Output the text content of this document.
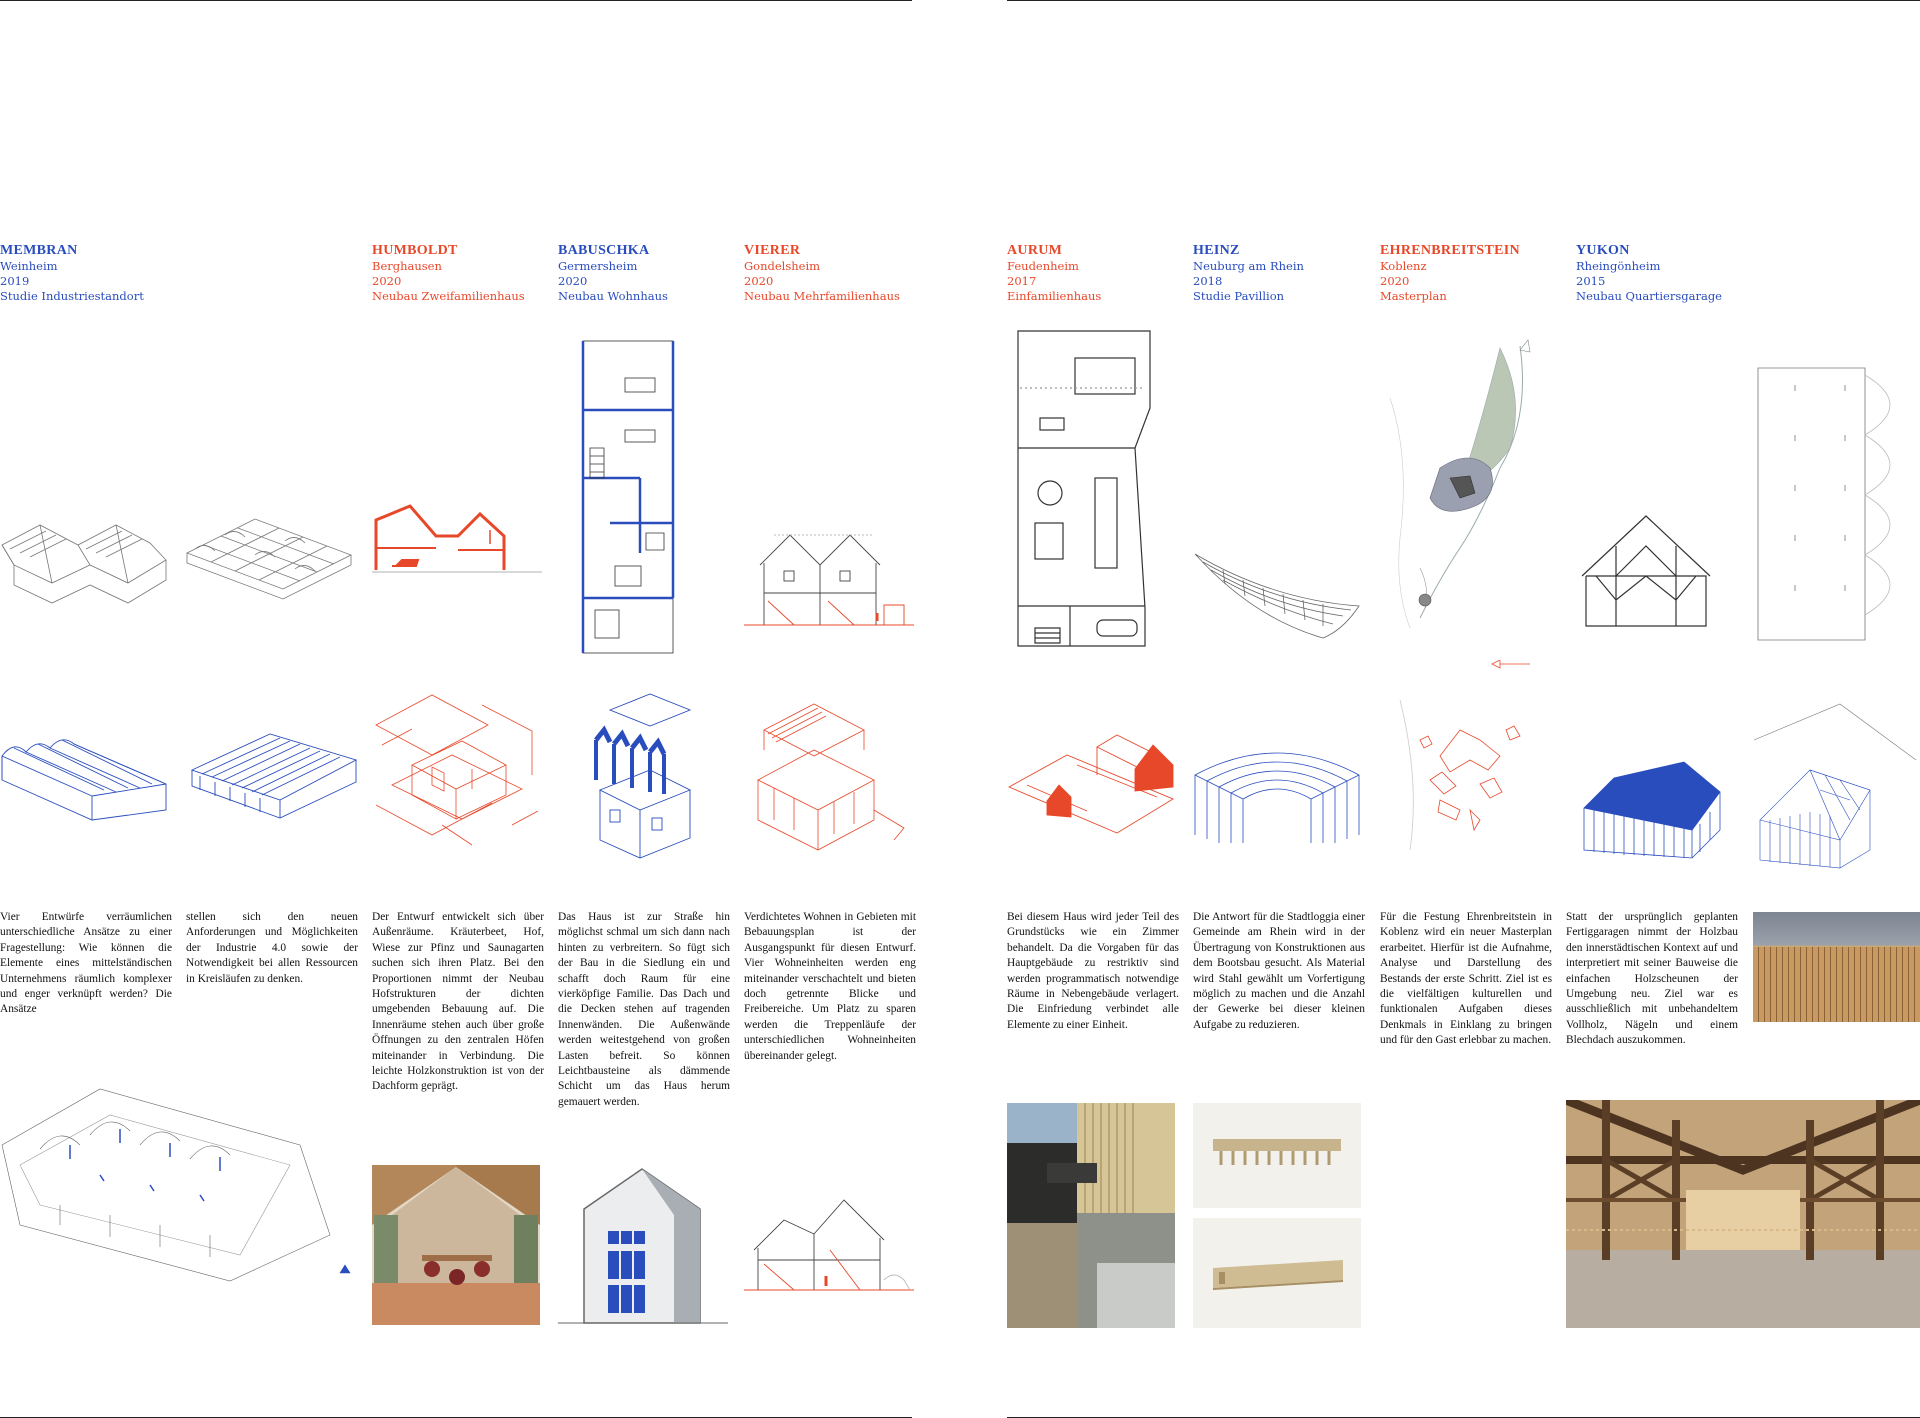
MEMBRAN
Weinheim
2019
Studie Industriestandort
HUMBOLDT
Berghausen
2020
Neubau Zweifamilienhaus
BABUSCHKA
Germersheim
2020
Neubau Wohnhaus
VIERER
Gondelsheim
2020
Neubau Mehrfamilienhaus
AURUM
Feudenheim
2017
Einfamilienhaus
HEINZ
Neuburg am Rhein
2018
Studie Pavillion
EHRENBREITSTEIN
Koblenz
2020
Masterplan
YUKON
Rheingönheim
2015
Neubau Quartiersgarage
Vier Entwürfe verräumlichen unterschiedliche Ansätze zu einer Fragestellung: Wie können die Elemente eines mittelständischen Unternehmens räumlich komplexer und enger verknüpft werden? Die Ansätze
stellen sich den neuen Anforderungen und Möglichkeiten der Industrie 4.0 sowie der Notwendigkeit bei allen Ressourcen in Kreisläufen zu denken.
Der Entwurf entwickelt sich über Außenräume. Kräuterbeet, Hof, Wiese zur Pfinz und Saunagarten suchen sich ihren Platz. Bei den Proportionen nimmt der Neubau Hofstrukturen der dichten umgebenden Bebauung auf. Die Innenräume stehen auch über große Öffnungen zu den zentralen Höfen miteinander in Verbindung. Die leichte Holzkonstruktion ist von der Dachform geprägt.
Das Haus ist zur Straße hin möglichst schmal um sich dann nach hinten zu verbreitern. So fügt sich der Bau in die Siedlung ein und schafft doch Raum für eine vierköpfige Familie. Das Dach und die Decken stehen auf tragenden Innenwänden. Die Außenwände werden weitestgehend von großen Lasten befreit. So können Leichtbausteine als dämmende Schicht um das Haus herum gemauert werden.
Verdichtetes Wohnen in Gebieten mit Bebauungsplan ist der Ausgangspunkt für diesen Entwurf. Vier Wohneinheiten werden eng miteinander verschachtelt und bieten doch getrennte Blicke und Freibereiche. Um Platz zu sparen werden die Treppenläufe der unterschiedlichen Wohneinheiten übereinander gelegt.
Bei diesem Haus wird jeder Teil des Grundstücks wie ein Zimmer behandelt. Da die Vorgaben für das Hauptgebäude zu restriktiv sind werden programmatisch notwendige Räume in Nebengebäude verlagert. Die Einfriedung verbindet alle Elemente zu einer Einheit.
Die Antwort für die Stadtloggia einer Gemeinde am Rhein wird in der Übertragung von Konstruktionen aus dem Bootsbau gesucht. Als Material wird Stahl gewählt um Vorfertigung möglich zu machen und die Anzahl der Gewerke bei dieser kleinen Aufgabe zu reduzieren.
Für die Festung Ehrenbreitstein in Koblenz wird ein neuer Masterplan erarbeitet. Hierfür ist die Aufnahme, Analyse und Darstellung des Bestands der erste Schritt. Ziel ist es die vielfältigen kulturellen und funktionalen Aufgaben dieses Denkmals in Einklang zu bringen und für den Gast erlebbar zu machen.
Statt der ursprünglich geplanten Fertiggaragen nimmt der Holzbau den innerstädtischen Kontext auf und interpretiert mit seiner Bauweise die einfachen Holzscheunen der Umgebung neu. Ziel war es ausschließlich mit unbehandeltem Vollholz, Nägeln und einem Blechdach auszukommen.
